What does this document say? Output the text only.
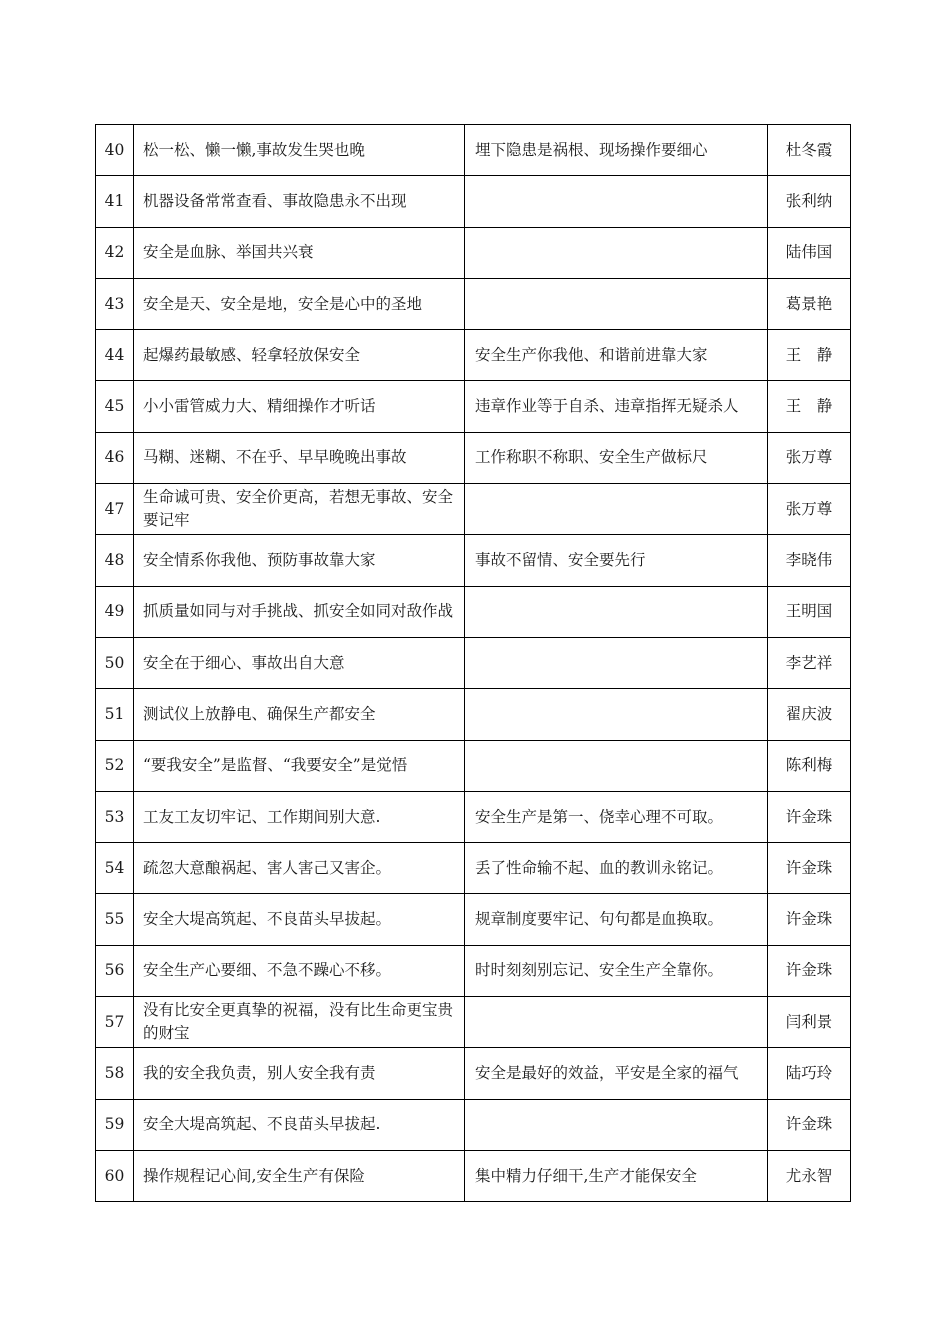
40	松一松、懒一懒,事故发生哭也晚	埋下隐患是祸根、现场操作要细心	杜冬霞
41	机器设备常常查看、事故隐患永不出现		张利纳
42	安全是血脉、举国共兴衰		陆伟国
43	安全是天、安全是地，安全是心中的圣地		葛景艳
44	起爆药最敏感、轻拿轻放保安全	安全生产你我他、和谐前进靠大家	王　静
45	小小雷管威力大、精细操作才听话	违章作业等于自杀、违章指挥无疑杀人	王　静
46	马糊、迷糊、不在乎、早早晚晚出事故	工作称职不称职、安全生产做标尺	张万尊
47	生命诚可贵、安全价更高，若想无事故、安全要记牢		张万尊
48	安全情系你我他、预防事故靠大家	事故不留情、安全要先行	李晓伟
49	抓质量如同与对手挑战、抓安全如同对敌作战		王明国
50	安全在于细心、事故出自大意		李艺祥
51	测试仪上放静电、确保生产都安全		翟庆波
52	“要我安全”是监督、“我要安全”是觉悟		陈利梅
53	工友工友切牢记、工作期间别大意.	安全生产是第一、侥幸心理不可取。	许金珠
54	疏忽大意酿祸起、害人害己又害企。	丢了性命输不起、血的教训永铭记。	许金珠
55	安全大堤高筑起、不良苗头早拔起。	规章制度要牢记、句句都是血换取。	许金珠
56	安全生产心要细、不急不躁心不移。	时时刻刻别忘记、安全生产全靠你。	许金珠
57	没有比安全更真挚的祝福，没有比生命更宝贵的财宝		闫利景
58	我的安全我负责，别人安全我有责	安全是最好的效益，平安是全家的福气	陆巧玲
59	安全大堤高筑起、不良苗头早拔起.		许金珠
60	操作规程记心间,安全生产有保险	集中精力仔细干,生产才能保安全	尤永智
